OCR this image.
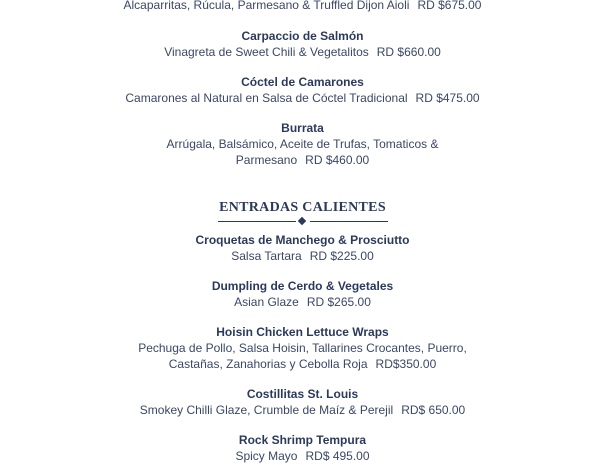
Alcaparritas, Rúcula, Parmesano & Truffled Dijon Aioli RD $675.00
Carpaccio de Salmón
Vinagreta de Sweet Chili & Vegetalitos RD $660.00
Cóctel de Camarones
Camarones al Natural en Salsa de Cóctel Tradicional RD $475.00
Burrata
Arrúgala, Balsámico, Aceite de Trufas, Tomaticos &
Parmesano RD $460.00
ENTRADAS CALIENTES
Croquetas de Manchego & Prosciutto
Salsa Tartara RD $225.00
Dumpling de Cerdo & Vegetales
Asian Glaze RD $265.00
Hoisin Chicken Lettuce Wraps
Pechuga de Pollo, Salsa Hoisin, Tallarines Crocantes, Puerro,
Castañas, Zanahorias y Cebolla Roja RD$350.00
Costillitas St. Louis
Smokey Chilli Glaze, Crumble de Maíz & Perejil RD$ 650.00
Rock Shrimp Tempura
Spicy Mayo RD$ 495.00
